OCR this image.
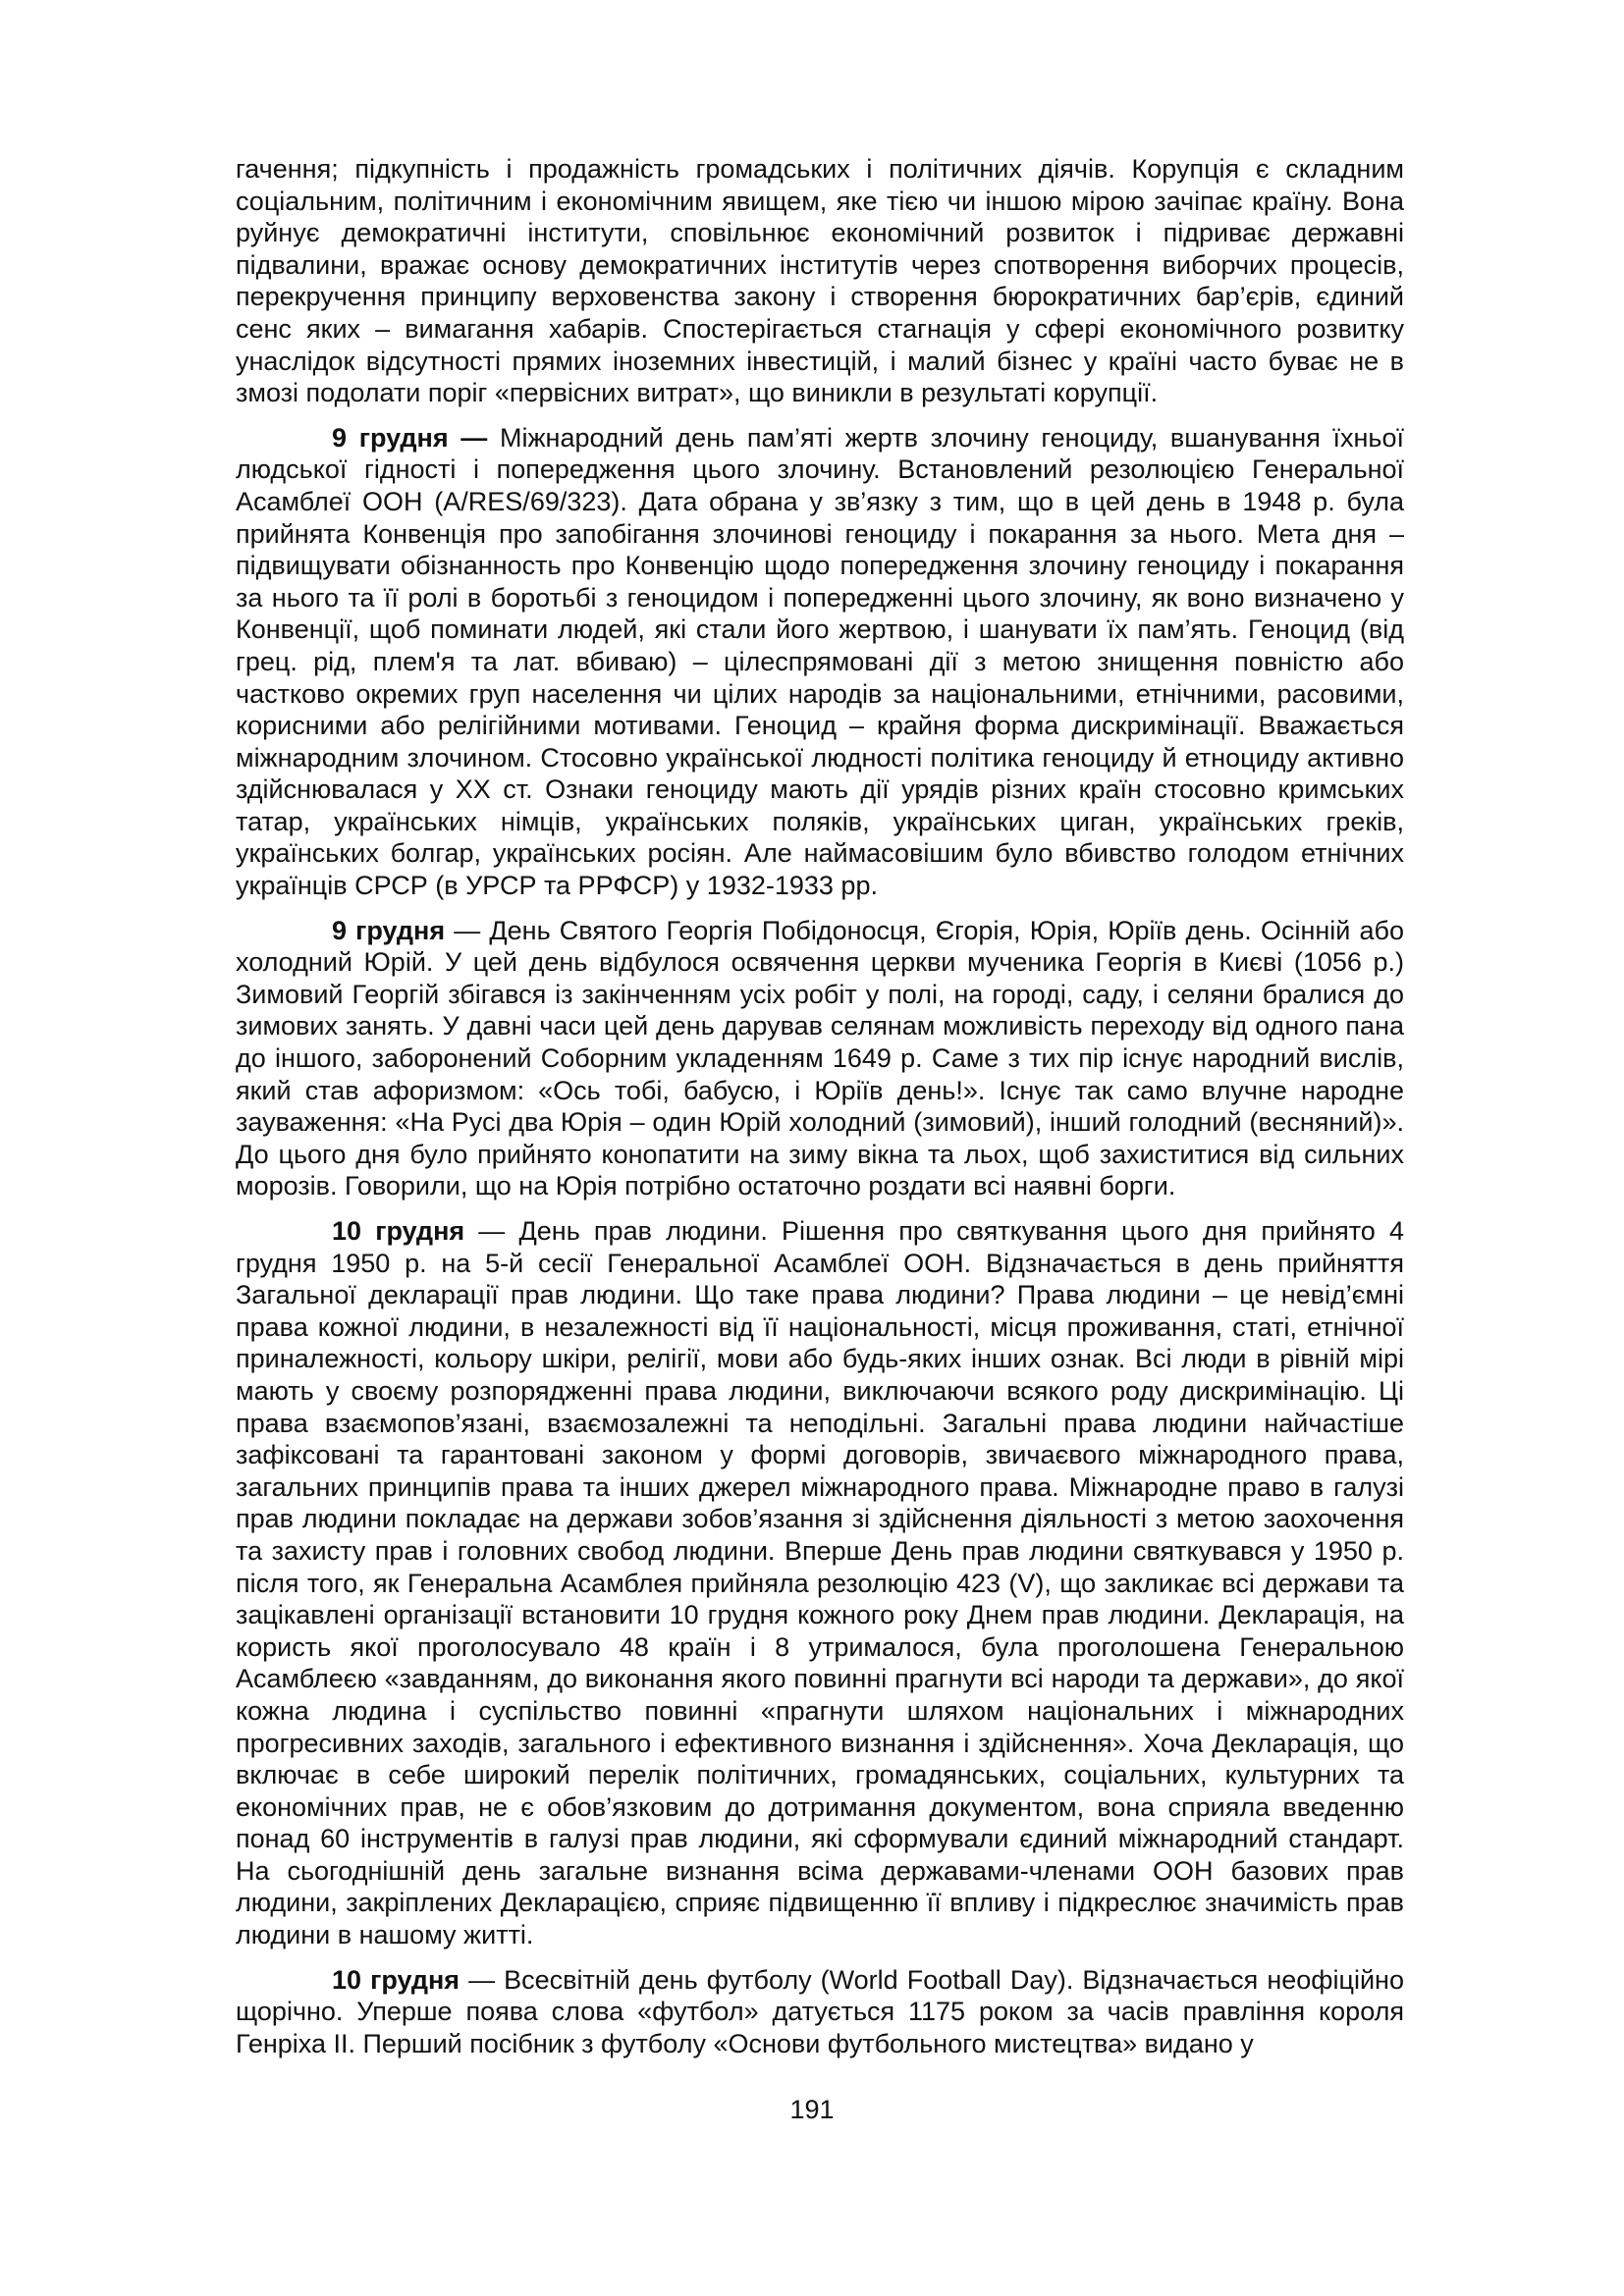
гачення; підкупність і продажність громадських і політичних діячів. Корупція є складним соціальним, політичним і економічним явищем, яке тією чи іншою мірою зачіпає країну. Вона руйнує демократичні інститути, сповільнює економічний розвиток і підриває державні підвалини, вражає основу демократичних інститутів через спотворення виборчих процесів, перекручення принципу верховенства закону і створення бюрократичних бар’єрів, єдиний сенс яких – вимагання хабарів. Спостерігається стагнація у сфері економічного розвитку унаслідок відсутності прямих іноземних інвестицій, і малий бізнес у країні часто буває не в змозі подолати поріг «первісних витрат», що виникли в результаті корупції.

9 грудня — Міжнародний день пам’яті жертв злочину геноциду, вшанування їхньої людської гідності і попередження цього злочину. Встановлений резолюцією Генеральної Асамблеї ООН (A/RES/69/323). Дата обрана у зв’язку з тим, що в цей день в 1948 р. була прийнята Конвенція про запобігання злочинові геноциду і покарання за нього. Мета дня – підвищувати обізнанность про Конвенцію щодо попередження злочину геноциду і покарання за нього та її ролі в боротьбі з геноцидом і попередженні цього злочину, як воно визначено у Конвенції, щоб поминати людей, які стали його жертвою, і шанувати їх пам’ять. Геноцид (від грец. рід, плем'я та лат. вбиваю) – цілеспрямовані дії з метою знищення повністю або частково окремих груп населення чи цілих народів за національними, етнічними, расовими, корисними або релігійними мотивами. Геноцид – крайня форма дискримінації. Вважається міжнародним злочином. Стосовно української людності політика геноциду й етноциду активно здійснювалася у ХХ ст. Ознаки геноциду мають дії урядів різних країн стосовно кримських татар, українських німців, українських поляків, українських циган, українських греків, українських болгар, українських росіян. Але наймасовішим було вбивство голодом етнічних українців СРСР (в УРСР та РРФСР) у 1932-1933 рр.

9 грудня — День Святого Георгія Побідоносця, Єгорія, Юрія, Юріїв день. Осінній або холодний Юрій. У цей день відбулося освячення церкви мученика Георгія в Києві (1056 р.) Зимовий Георгій збігався із закінченням усіх робіт у полі, на городі, саду, і селяни бралися до зимових занять. У давні часи цей день дарував селянам можливість переходу від одного пана до іншого, заборонений Соборним укладенням 1649 р. Саме з тих пір існує народний вислів, який став афоризмом: «Ось тобі, бабусю, і Юріїв день!». Існує так само влучне народне зауваження: «На Русі два Юрія – один Юрій холодний (зимовий), інший голодний (весняний)». До цього дня було прийнято конопатити на зиму вікна та льох, щоб захиститися від сильних морозів. Говорили, що на Юрія потрібно остаточно роздати всі наявні борги.

10 грудня — День прав людини. Рішення про святкування цього дня прийнято 4 грудня 1950 р. на 5-й сесії Генеральної Асамблеї ООН. Відзначається в день прийняття Загальної декларації прав людини. Що таке права людини? Права людини – це невід’ємні права кожної людини, в незалежності від її національності, місця проживання, статі, етнічної приналежності, кольору шкіри, релігії, мови або будь-яких інших ознак. Всі люди в рівній мірі мають у своєму розпорядженні права людини, виключаючи всякого роду дискримінацію. Ці права взаємопов’язані, взаємозалежні та неподільні. Загальні права людини найчастіше зафіксовані та гарантовані законом у формі договорів, звичаєвого міжнародного права, загальних принципів права та інших джерел міжнародного права. Міжнародне право в галузі прав людини покладає на держави зобов’язання зі здійснення діяльності з метою заохочення та захисту прав і головних свобод людини. Вперше День прав людини святкувався у 1950 р. після того, як Генеральна Асамблея прийняла резолюцію 423 (V), що закликає всі держави та зацікавлені організації встановити 10 грудня кожного року Днем прав людини. Декларація, на користь якої проголосувало 48 країн і 8 утрималося, була проголошена Генеральною Асамблеєю «завданням, до виконання якого повинні прагнути всі народи та держави», до якої кожна людина і суспільство повинні «прагнути шляхом національних і міжнародних прогресивних заходів, загального і ефективного визнання і здійснення». Хоча Декларація, що включає в себе широкий перелік політичних, громадянських, соціальних, культурних та економічних прав, не є обов’язковим до дотримання документом, вона сприяла введенню понад 60 інструментів в галузі прав людини, які сформували єдиний міжнародний стандарт. На сьогоднішній день загальне визнання всіма державами-членами ООН базових прав людини, закріплених Декларацією, сприяє підвищенню її впливу і підкреслює значимість прав людини в нашому житті.

10 грудня — Всесвітній день футболу (World Football Day). Відзначається неофіційно щорічно. Уперше поява слова «футбол» датується 1175 роком за часів правління короля Генріха ІІ. Перший посібник з футболу «Основи футбольного мистецтва» видано у

191
